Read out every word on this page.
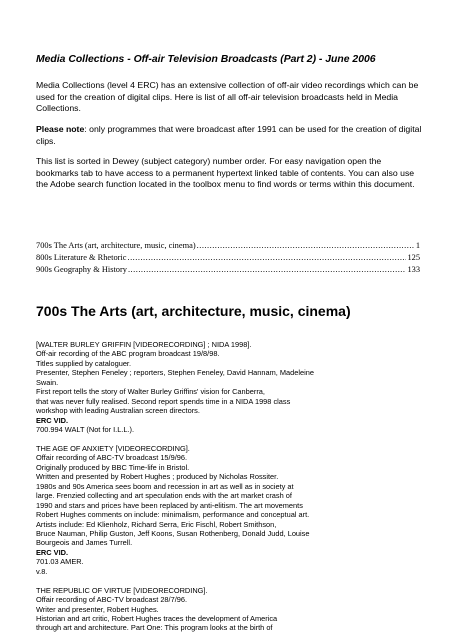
Media Collections - Off-air Television Broadcasts (Part 2) - June 2006
Media Collections (level 4 ERC) has an extensive collection of off-air video recordings which can be used for the creation of digital clips. Here is list of all off-air television broadcasts held in Media Collections.
Please note: only programmes that were broadcast after 1991 can be used for the creation of digital clips.
This list is sorted in Dewey (subject category) number order. For easy navigation open the bookmarks tab to have access to a permanent hypertext linked table of contents. You can also use the Adobe search function located in the toolbox menu to find words or terms within this document.
700s The Arts (art, architecture, music, cinema) .....	1
800s Literature & Rhetoric .....	125
900s Geography & History .....	133
700s The Arts (art, architecture, music, cinema)
[WALTER BURLEY GRIFFIN [VIDEORECORDING] ; NIDA 1998].
Off-air recording of the ABC program broadcast 19/8/98.
Titles supplied by cataloguer.
Presenter, Stephen Feneley ; reporters, Stephen Feneley, David Hannam, Madeleine
Swain.
First report tells the story of Walter Burley Griffins' vision for Canberra,
that was never fully realised. Second report spends time in a NIDA 1998 class
workshop with leading Australian screen directors.
ERC VID.
700.994 WALT (Not for I.L.L.).
THE AGE OF ANXIETY [VIDEORECORDING].
Offair recording of ABC-TV broadcast 15/9/96.
Originally produced by BBC Time-life in Bristol.
Written and presented by Robert Hughes ; produced by Nicholas Rossiter.
1980s and 90s America sees boom and recession in art as well as in society at
large. Frenzied collecting and art speculation ends with the art market crash of
1990 and stars and prices have been replaced by anti-elitism. The art movements
Robert Hughes comments on include: minimalism, performance and conceptual art.
Artists include: Ed Klienholz, Richard Serra, Eric Fischl, Robert Smithson,
Bruce Nauman, Philip Guston, Jeff Koons, Susan Rothenberg, Donald Judd, Louise
Bourgeois and James Turrell.
ERC VID.
701.03 AMER.
v.8.
THE REPUBLIC OF VIRTUE [VIDEORECORDING].
Offair recording of ABC-TV broadcast 28/7/96.
Writer and presenter, Robert Hughes.
Historian and art critic, Robert Hughes traces the development of America
through art and architecture. Part One: This program looks at the birth of
